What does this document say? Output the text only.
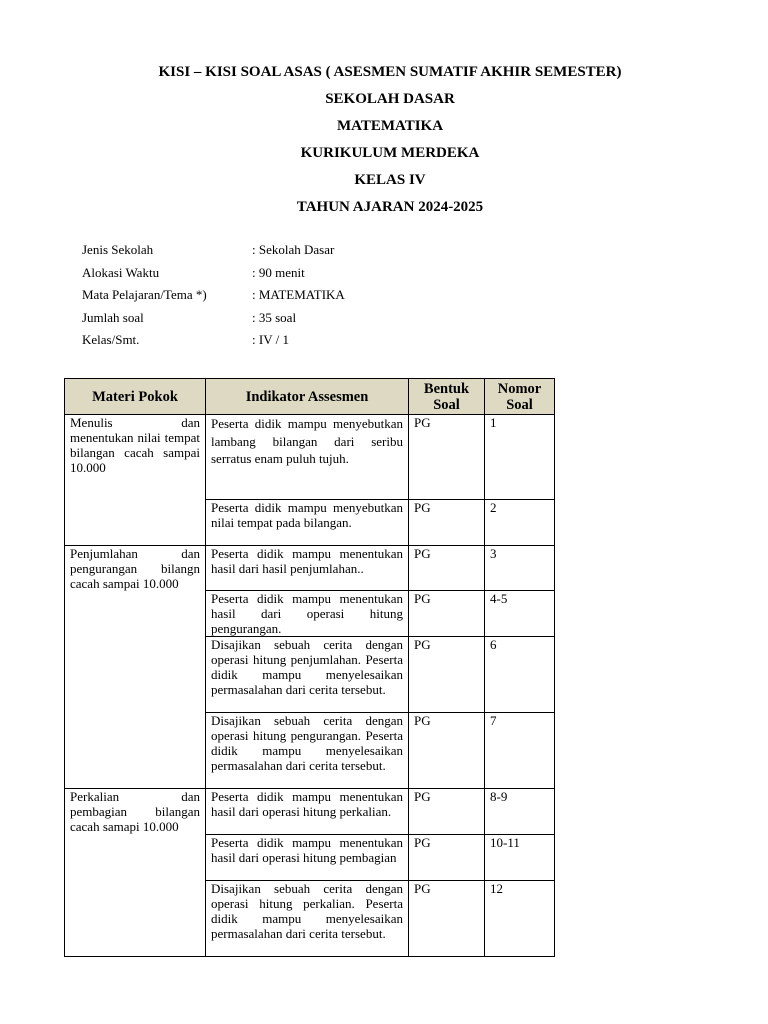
KISI – KISI SOAL ASAS ( ASESMEN SUMATIF AKHIR SEMESTER)
SEKOLAH DASAR
MATEMATIKA
KURIKULUM MERDEKA
KELAS IV
TAHUN AJARAN 2024-2025
Jenis Sekolah	: Sekolah Dasar
Alokasi Waktu	: 90 menit
Mata Pelajaran/Tema *)	: MATEMATIKA
Jumlah soal	: 35 soal
Kelas/Smt.	: IV / 1
Materi Pokok	Indikator Assesmen	Bentuk Soal	Nomor Soal
Menulis dan menentukan nilai tempat bilangan cacah sampai 10.000	Peserta didik mampu menyebutkan lambang bilangan dari seribu serratus enam puluh tujuh.	PG	1
	Peserta didik mampu menyebutkan nilai tempat pada bilangan.	PG	2
Penjumlahan dan pengurangan bilangn cacah sampai 10.000	Peserta didik mampu menentukan hasil dari hasil penjumlahan..	PG	3
	Peserta didik mampu menentukan hasil dari operasi hitung pengurangan.	PG	4-5
	Disajikan sebuah cerita dengan operasi hitung penjumlahan. Peserta didik mampu menyelesaikan permasalahan dari cerita tersebut.	PG	6
	Disajikan sebuah cerita dengan operasi hitung pengurangan. Peserta didik mampu menyelesaikan permasalahan dari cerita tersebut.	PG	7
Perkalian dan pembagian bilangan cacah samapi 10.000	Peserta didik mampu menentukan hasil dari operasi hitung perkalian.	PG	8-9
	Peserta didik mampu menentukan hasil dari operasi hitung pembagian	PG	10-11
	Disajikan sebuah cerita dengan operasi hitung perkalian. Peserta didik mampu menyelesaikan permasalahan dari cerita tersebut.	PG	12
